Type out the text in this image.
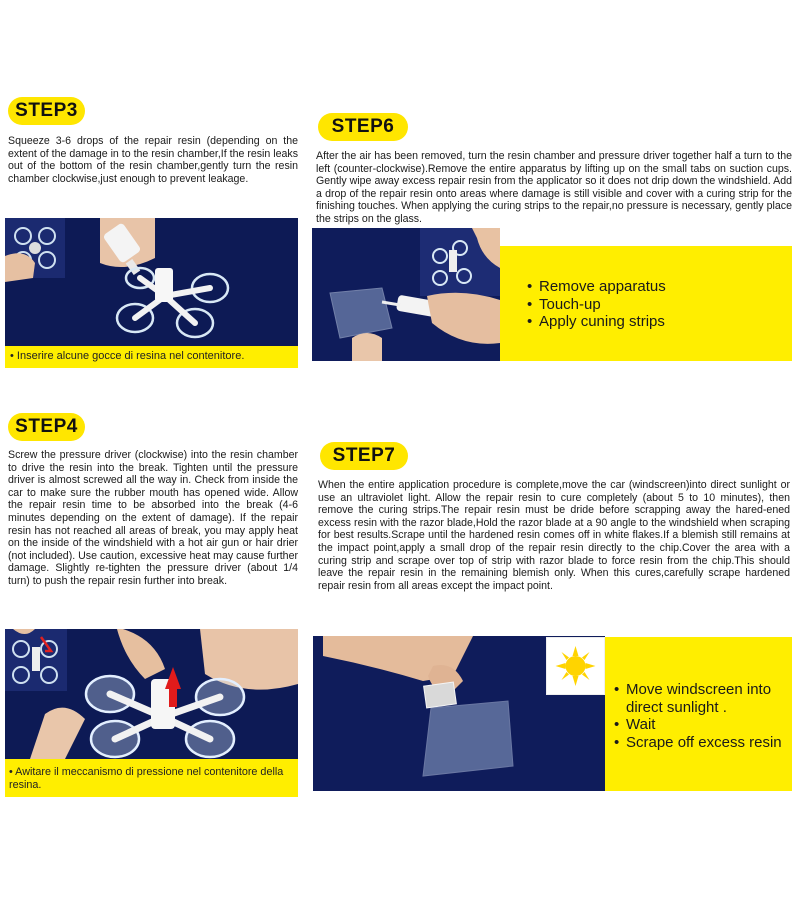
STEP3
Squeeze 3-6 drops of the repair resin (depending on the extent of the damage in to the resin chamber,If the resin leaks out of the bottom of the resin chamber,gently turn the resin chamber clockwise,just enough to prevent leakage.
• Inserire alcune gocce di resina nel contenitore.
STEP6
After the air has been removed, turn the resin chamber and pressure driver together half a turn to the left (counter-clockwise).Remove the entire apparatus by lifting up on the small tabs on suction cups. Gently wipe away excess repair resin from the applicator so it does not drip down the windshield. Add a drop of the repair resin onto areas where damage is still visible and cover with a curing strip for the finishing touches. When applying the curing strips to the repair,no pressure is necessary, gently place the strips on the glass.
• Remove apparatus
• Touch-up
• Apply cuning strips
STEP4
Screw the pressure driver (clockwise) into the resin chamber to drive the resin into the break. Tighten until the pressure driver is almost screwed all the way in. Check from inside the car to make sure the rubber mouth has opened wide. Allow the repair resin time to be absorbed into the break (4-6 minutes depending on the extent of damage). If the repair resin has not reached all areas of break, you may apply heat on the inside of the windshield with a hot air gun or hair drier (not included). Use caution, excessive heat may cause further damage. Slightly re-tighten the pressure driver (about 1/4 turn) to push the repair resin further into break.
• Awitare il meccanismo di pressione nel contenitore della resina.
STEP7
When the entire application procedure is complete,move the car (windscreen)into direct sunlight or use an ultraviolet light. Allow the repair resin to cure completely (about 5 to 10 minutes), then remove the curing strips.The repair resin must be dride before scrapping away the hared-ened excess resin with the razor blade,Hold the razor blade at a 90 angle to the windshield when scraping for best results.Scrape until the hardened resin comes off in white flakes.If a blemish still remains at the impact point,apply a small drop of the repair resin directly to the chip.Cover the area with a curing strip and scrape over top of strip with razor blade to force resin from the chip.This should leave the repair resin in the remaining blemish only. When this cures,carefully scrape hardened repair resin from all areas except the impact point.
• Move windscreen into direct sunlight .
• Wait
• Scrape off excess resin
